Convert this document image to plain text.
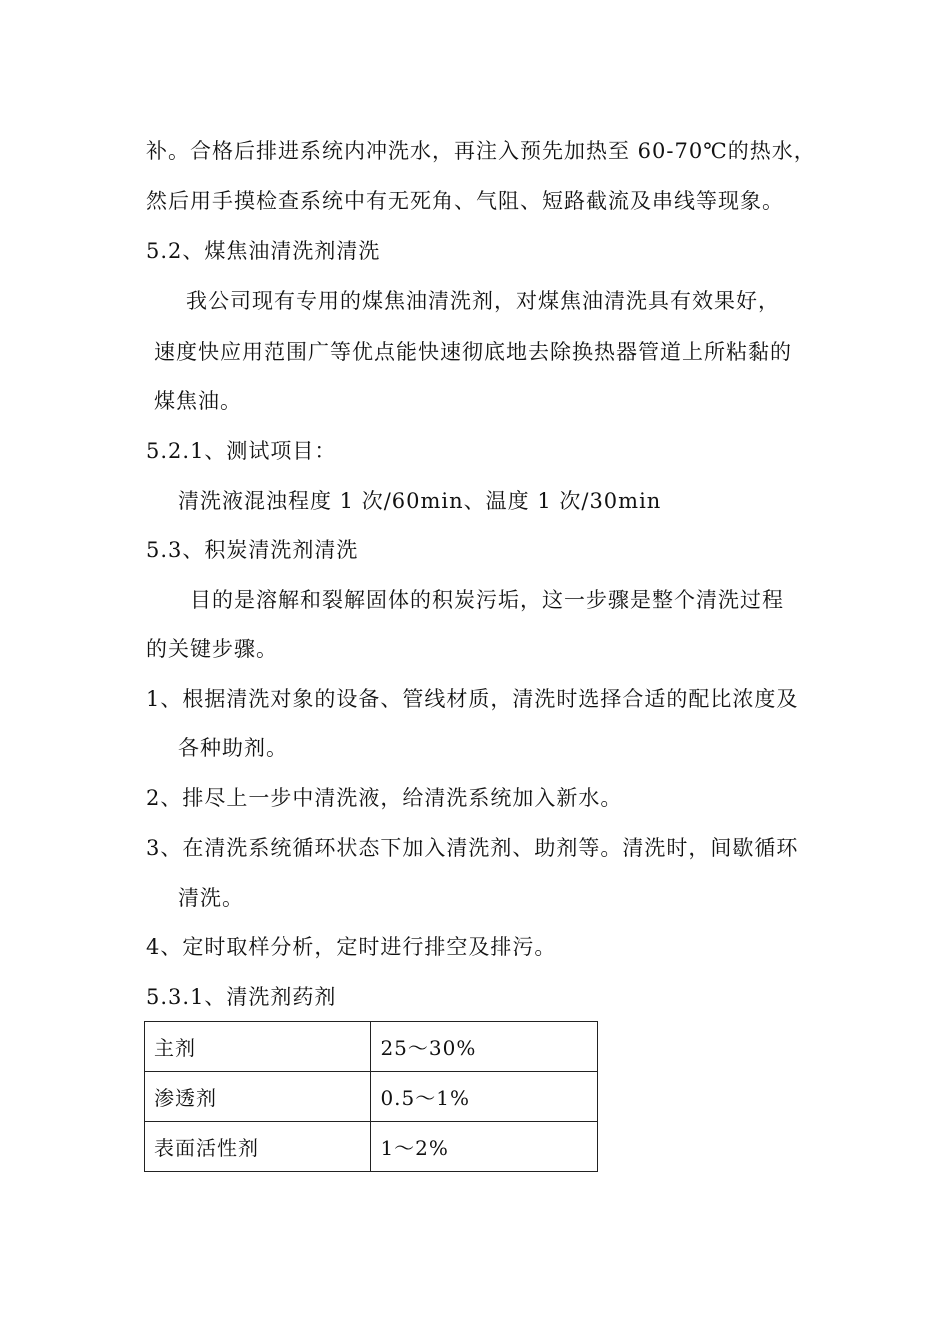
补。合格后排进系统内冲洗水，再注入预先加热至 60-70℃的热水，
然后用手摸检查系统中有无死角、气阻、短路截流及串线等现象。
5.2、煤焦油清洗剂清洗
我公司现有专用的煤焦油清洗剂，对煤焦油清洗具有效果好，
速度快应用范围广等优点能快速彻底地去除换热器管道上所粘黏的
煤焦油。
5.2.1、测试项目：
清洗液混浊程度 1 次/60min、温度 1 次/30min
5.3、积炭清洗剂清洗
目的是溶解和裂解固体的积炭污垢，这一步骤是整个清洗过程
的关键步骤。
1、根据清洗对象的设备、管线材质，清洗时选择合适的配比浓度及
各种助剂。
2、排尽上一步中清洗液，给清洗系统加入新水。
3、在清洗系统循环状态下加入清洗剂、助剂等。清洗时，间歇循环
清洗。
4、定时取样分析，定时进行排空及排污。
5.3.1、清洗剂药剂
主剂	25～30%
渗透剂	0.5～1%
表面活性剂	1～2%
